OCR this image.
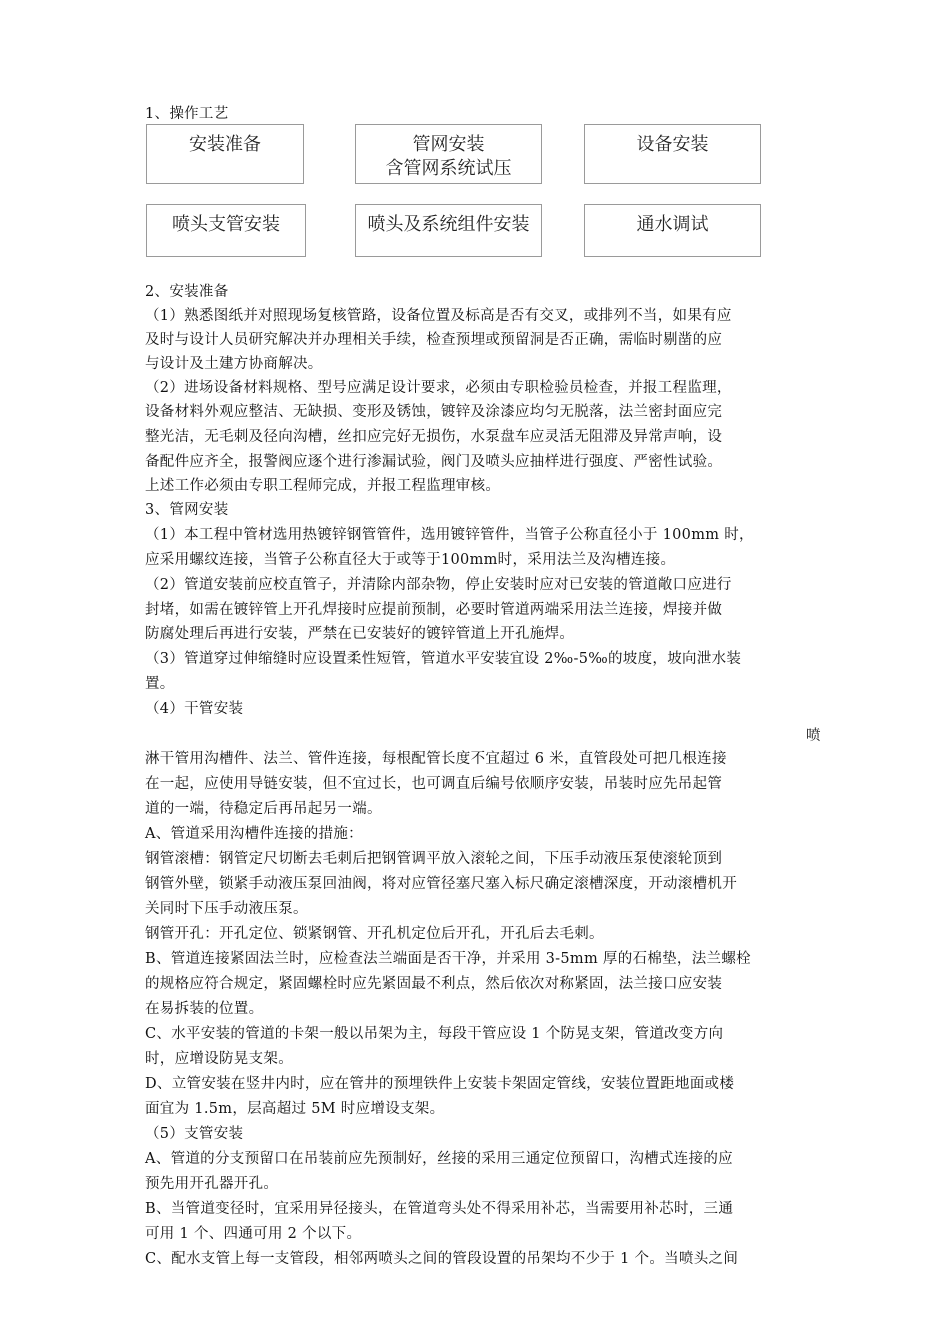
安装准备	管网安装
含管网系统试压
设备安装
喷头支管安装	喷头及系统组件安装	通水调试
1、操作工艺
2、安装准备
（1）熟悉图纸并对照现场复核管路，设备位置及标高是否有交叉，或排列不当，如果有应
及时与设计人员研究解决并办理相关手续，检查预埋或预留洞是否正确，需临时剔凿的应
与设计及土建方协商解决。
（2）进场设备材料规格、型号应满足设计要求，必须由专职检验员检查，并报工程监理，
设备材料外观应整洁、无缺损、变形及锈蚀，镀锌及涂漆应均匀无脱落，法兰密封面应完
整光洁，无毛刺及径向沟槽，丝扣应完好无损伤，水泵盘车应灵活无阻滞及异常声响，设
备配件应齐全，报警阀应逐个进行渗漏试验，阀门及喷头应抽样进行强度、严密性试验。
上述工作必须由专职工程师完成，并报工程监理审核。
3、管网安装
（1）本工程中管材选用热镀锌钢管管件，选用镀锌管件，当管子公称直径小于 100mm 时，
应采用螺纹连接，当管子公称直径大于或等于100mm时，采用法兰及沟槽连接。
（2）管道安装前应校直管子，并清除内部杂物，停止安装时应对已安装的管道敞口应进行
封堵，如需在镀锌管上开孔焊接时应提前预制，必要时管道两端采用法兰连接，焊接并做
防腐处理后再进行安装，严禁在已安装好的镀锌管道上开孔施焊。
（3）管道穿过伸缩缝时应设置柔性短管，管道水平安装宜设 2‰-5‰的坡度，坡向泄水装
置。
（4）干管安装
喷
淋干管用沟槽件、法兰、管件连接，每根配管长度不宜超过 6 米，直管段处可把几根连接
在一起，应使用导链安装，但不宜过长，也可调直后编号依顺序安装，吊装时应先吊起管
道的一端，待稳定后再吊起另一端。
A、管道采用沟槽件连接的措施：
钢管滚槽：钢管定尺切断去毛刺后把钢管调平放入滚轮之间，下压手动液压泵使滚轮顶到
钢管外壁，锁紧手动液压泵回油阀，将对应管径塞尺塞入标尺确定滚槽深度，开动滚槽机开
关同时下压手动液压泵。
钢管开孔：开孔定位、锁紧钢管、开孔机定位后开孔，开孔后去毛刺。
B、管道连接紧固法兰时，应检查法兰端面是否干净，并采用 3-5mm 厚的石棉垫，法兰螺栓
的规格应符合规定，紧固螺栓时应先紧固最不利点，然后依次对称紧固，法兰接口应安装
在易拆装的位置。
C、水平安装的管道的卡架一般以吊架为主，每段干管应设 1 个防晃支架，管道改变方向
时，应增设防晃支架。
D、立管安装在竖井内时，应在管井的预埋铁件上安装卡架固定管线，安装位置距地面或楼
面宜为 1.5m，层高超过 5M 时应增设支架。
（5）支管安装
A、管道的分支预留口在吊装前应先预制好，丝接的采用三通定位预留口，沟槽式连接的应
预先用开孔器开孔。
B、当管道变径时，宜采用异径接头，在管道弯头处不得采用补芯，当需要用补芯时，三通
可用 1 个、四通可用 2 个以下。
C、配水支管上每一支管段，相邻两喷头之间的管段设置的吊架均不少于 1 个。当喷头之间
